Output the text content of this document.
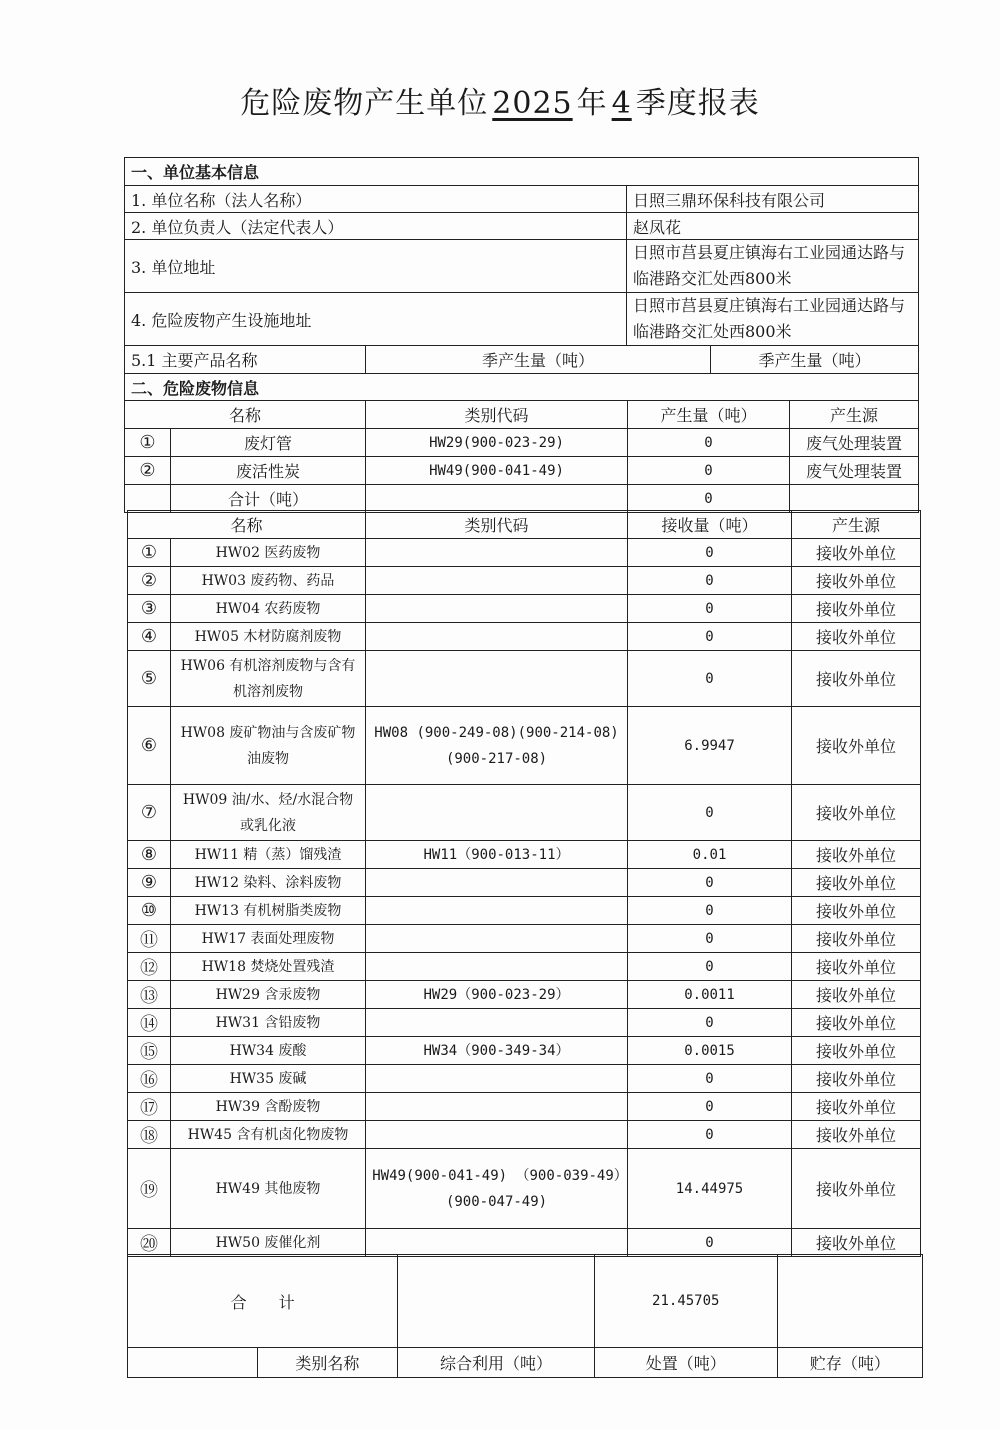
危险废物产生单位 2025 年 4 季度报表
一、单位基本信息	
1. 单位名称（法人名称）	日照三鼎环保科技有限公司
2. 单位负责人（法定代表人）	赵凤花
3. 单位地址	日照市莒县夏庄镇海右工业园通达路与临港路交汇处西800米
4. 危险废物产生设施地址	日照市莒县夏庄镇海右工业园通达路与临港路交汇处西800米
5.1 主要产品名称		季产生量（吨）		季产生量（吨）	
二、危险废物信息					
名称		类别代码	产生量（吨）		产生源
①	废灯管	HW29(900-023-29)	0		废气处理装置
②	废活性炭	HW49(900-041-49)	0		废气处理装置
	合计（吨）		0		
名称		类别代码	接收量（吨）	产生源
①	HW02 医药废物		0	接收外单位
②	HW03 废药物、药品		0	接收外单位
③	HW04 农药废物		0	接收外单位
④	HW05 木材防腐剂废物		0	接收外单位
⑤	HW06 有机溶剂废物与含有机溶剂废物		0	接收外单位
⑥	HW08 废矿物油与含废矿物油废物	HW08 (900-249-08)(900-214-08) (900-217-08)	6.9947	接收外单位
⑦	HW09 油/水、烃/水混合物或乳化液		0	接收外单位
⑧	HW11 精（蒸）馏残渣	HW11（900-013-11）	0.01	接收外单位
⑨	HW12 染料、涂料废物		0	接收外单位
⑩	HW13 有机树脂类废物		0	接收外单位
⑪	HW17 表面处理废物		0	接收外单位
⑫	HW18 焚烧处置残渣		0	接收外单位
⑬	HW29 含汞废物	HW29（900-023-29）	0.0011	接收外单位
⑭	HW31 含铅废物		0	接收外单位
⑮	HW34 废酸	HW34（900-349-34）	0.0015	接收外单位
⑯	HW35 废碱		0	接收外单位
⑰	HW39 含酚废物		0	接收外单位
⑱	HW45 含有机卤化物废物		0	接收外单位
⑲	HW49 其他废物	HW49(900-041-49) （900-039-49）(900-047-49)	14.44975	接收外单位
⑳	HW50 废催化剂		0	接收外单位
合　　计			21.45705	
	类别名称	综合利用（吨）	处置（吨）	贮存（吨）
